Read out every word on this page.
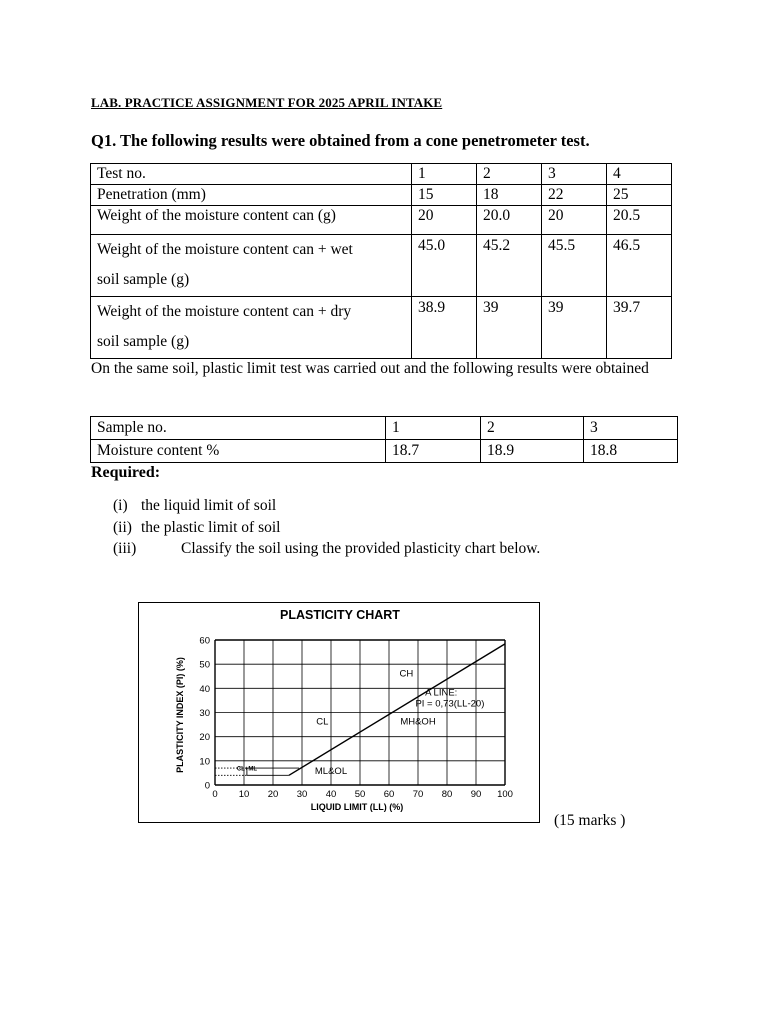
LAB. PRACTICE ASSIGNMENT FOR 2025 APRIL INTAKE
Q1. The following results were obtained from a cone penetrometer test.
Test no.	1	2	3	4
Penetration (mm)	15	18	22	25
Weight of the moisture content can (g)	20	20.0	20	20.5

Weight of the moisture content can + wet
soil sample (g)	45.0	45.2	45.5	46.5

Weight of the moisture content can + dry
soil sample (g)	38.9	39	39	39.7
On the same soil, plastic limit test was carried out and the following results were obtained
Sample no.	1	2	3
Moisture content %	18.7	18.9	18.8
Required:
(i) the liquid limit of soil
(ii) the plastic limit of soil
(iii)	Classify the soil using the provided plasticity chart below.
PLASTICITY CHART
LIQUID LIMIT (LL) (%)
PLASTICITY INDEX (PI) (%)
0 10 20 30 40 50 60 70 80 90 100
0
10
20
30
40
50
60
CH
A LINE:
PI = 0,73(LL-20)
CL	MH&OH
CL+ML	ML&OL
(15 marks )
